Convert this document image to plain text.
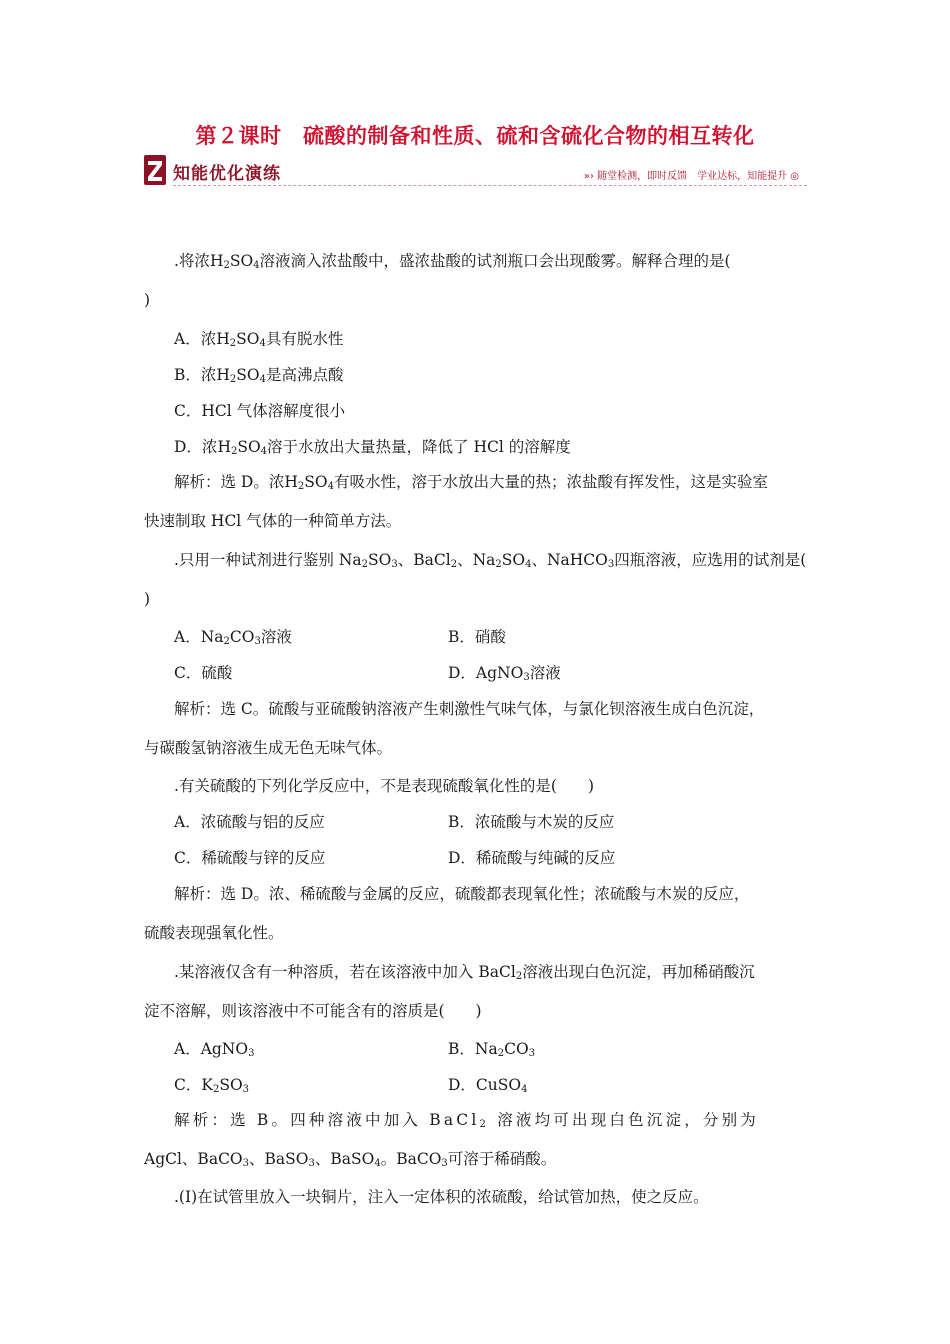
第２课时　硫酸的制备和性质、硫和含硫化合物的相互转化
知能优化演练	»› 随堂检测，即时反馈　学业达标，知能提升 ◎
.将浓$H_2SO_4$溶液滴入浓盐酸中，盛浓盐酸的试剂瓶口会出现酸雾。解释合理的是(
)
A．浓$H_2SO_4$具有脱水性
B．浓$H_2SO_4$是高沸点酸
C．HCl 气体溶解度很小
D．浓$H_2SO_4$溶于水放出大量热量，降低了 HCl 的溶解度
解析：选 D。浓$H_2SO_4$有吸水性，溶于水放出大量的热；浓盐酸有挥发性，这是实验室
快速制取 HCl 气体的一种简单方法。
.只用一种试剂进行鉴别 $Na_2SO_3$、BaCl$_2$、$Na_2SO_4$、NaHCO$_3$四瓶溶液，应选用的试剂是(
)
A．$Na_2CO_3$溶液	B．硝酸
C．硫酸	D．AgNO$_3$溶液
解析：选 C。硫酸与亚硫酸钠溶液产生刺激性气味气体，与氯化钡溶液生成白色沉淀，
与碳酸氢钠溶液生成无色无味气体。
.有关硫酸的下列化学反应中，不是表现硫酸氧化性的是(　　)
A．浓硫酸与铝的反应	B．浓硫酸与木炭的反应
C．稀硫酸与锌的反应	D．稀硫酸与纯碱的反应
解析：选 D。浓、稀硫酸与金属的反应，硫酸都表现氧化性；浓硫酸与木炭的反应，
硫酸表现强氧化性。
.某溶液仅含有一种溶质，若在该溶液中加入 BaCl$_2$溶液出现白色沉淀，再加稀硝酸沉
淀不溶解，则该溶液中不可能含有的溶质是(　　)
A．AgNO$_3$	B．$Na_2CO_3$
C．$K_2SO_3$	D．CuSO$_4$
解析：选 B。四种溶液中加入 BaCl$_2$ 溶液均可出现白色沉淀，分别为
AgCl、BaCO$_3$、BaSO$_3$、BaSO$_4$。BaCO$_3$可溶于稀硝酸。
.(Ⅰ)在试管里放入一块铜片，注入一定体积的浓硫酸，给试管加热，使之反应。
